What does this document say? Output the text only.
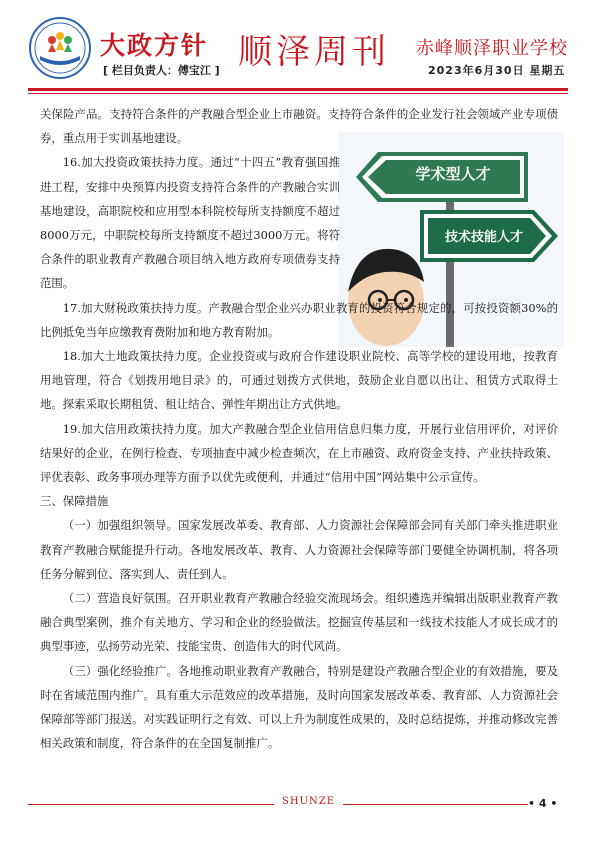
大政方针
[ 栏目负责人：傅宝江 ] 顺泽周刊 赤峰顺泽职业学校
2023年6月30日 星期五
学术型人才
技术技能人才

关保险产品。支持符合条件的产教融合型企业上市融资。支持符合条件的企业发行社会领域产业专项债券，重点用于实训基地建设。

16.加大投资政策扶持力度。通过“十四五”教育强国推进工程，安排中央预算内投资支持符合条件的产教融合实训基地建设，高职院校和应用型本科院校每所支持额度不超过8000万元，中职院校每所支持额度不超过3000万元。将符合条件的职业教育产教融合项目纳入地方政府专项债券支持范围。

17.加大财税政策扶持力度。产教融合型企业兴办职业教育的投资符合规定的，可按投资额30%的比例抵免当年应缴教育费附加和地方教育附加。

18.加大土地政策扶持力度。企业投资或与政府合作建设职业院校、高等学校的建设用地，按教育用地管理，符合《划拨用地目录》的，可通过划拨方式供地，鼓励企业自愿以出让、租赁方式取得土地。探索采取长期租赁、租让结合、弹性年期出让方式供地。

19.加大信用政策扶持力度。加大产教融合型企业信用信息归集力度，开展行业信用评价，对评价结果好的企业，在例行检查、专项抽查中减少检查频次，在上市融资、政府资金支持、产业扶持政策、评优表彰、政务事项办理等方面予以优先或便利，并通过“信用中国”网站集中公示宣传。

三、保障措施

（一）加强组织领导。国家发展改革委、教育部、人力资源社会保障部会同有关部门牵头推进职业教育产教融合赋能提升行动。各地发展改革、教育、人力资源社会保障等部门要健全协调机制，将各项任务分解到位、落实到人、责任到人。

（二）营造良好氛围。召开职业教育产教融合经验交流现场会。组织遴选并编辑出版职业教育产教融合典型案例，推介有关地方、学习和企业的经验做法。挖掘宣传基层和一线技术技能人才成长成才的典型事迹，弘扬劳动光荣、技能宝贵、创造伟大的时代风尚。

（三）强化经验推广。各地推动职业教育产教融合，特别是建设产教融合型企业的有效措施，要及时在省域范围内推广。具有重大示范效应的改革措施，及时向国家发展改革委、教育部、人力资源社会保障部等部门报送。对实践证明行之有效、可以上升为制度性成果的，及时总结提炼，并推动修改完善相关政策和制度，符合条件的在全国复制推广。

SHUNZE	• 4 •
